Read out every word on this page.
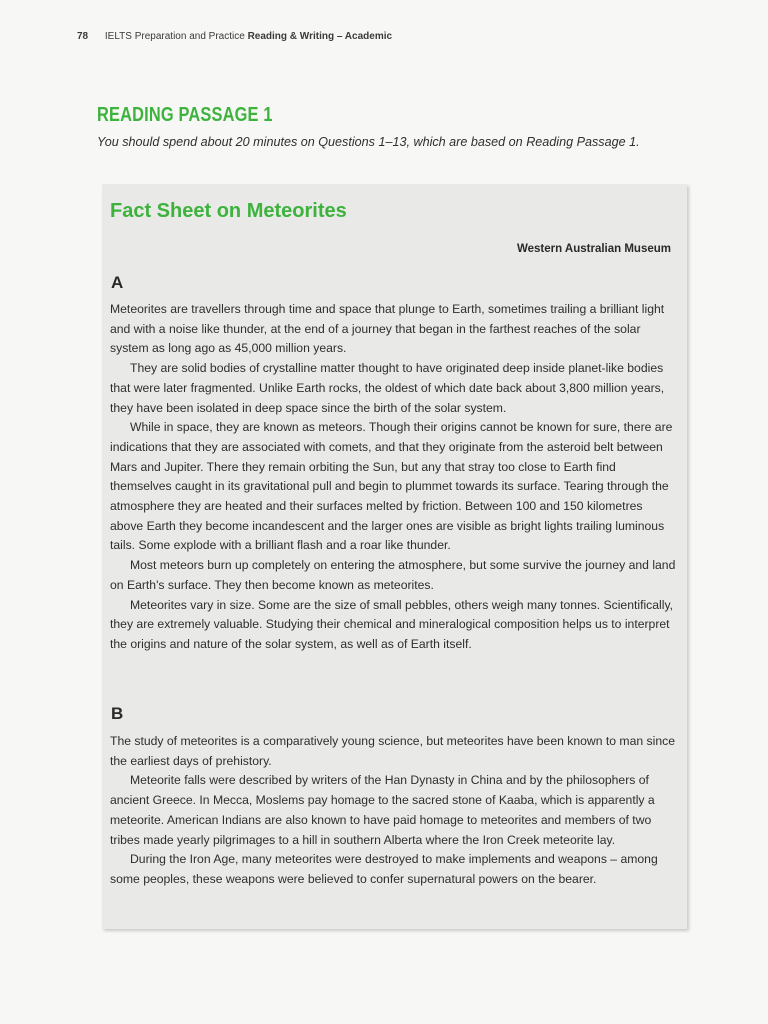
78 IELTS Preparation and Practice Reading & Writing – Academic
READING PASSAGE 1
You should spend about 20 minutes on Questions 1–13, which are based on Reading Passage 1.
Fact Sheet on Meteorites
Western Australian Museum
A

Meteorites are travellers through time and space that plunge to Earth, sometimes trailing a brilliant light and with a noise like thunder, at the end of a journey that began in the farthest reaches of the solar system as long ago as 45,000 million years.

They are solid bodies of crystalline matter thought to have originated deep inside planet-like bodies that were later fragmented. Unlike Earth rocks, the oldest of which date back about 3,800 million years, they have been isolated in deep space since the birth of the solar system.

While in space, they are known as meteors. Though their origins cannot be known for sure, there are indications that they are associated with comets, and that they originate from the asteroid belt between Mars and Jupiter. There they remain orbiting the Sun, but any that stray too close to Earth find themselves caught in its gravitational pull and begin to plummet towards its surface. Tearing through the atmosphere they are heated and their surfaces melted by friction. Between 100 and 150 kilometres above Earth they become incandescent and the larger ones are visible as bright lights trailing luminous tails. Some explode with a brilliant flash and a roar like thunder.

Most meteors burn up completely on entering the atmosphere, but some survive the journey and land on Earth's surface. They then become known as meteorites.

Meteorites vary in size. Some are the size of small pebbles, others weigh many tonnes. Scientifically, they are extremely valuable. Studying their chemical and mineralogical composition helps us to interpret the origins and nature of the solar system, as well as of Earth itself.

B

The study of meteorites is a comparatively young science, but meteorites have been known to man since the earliest days of prehistory.

Meteorite falls were described by writers of the Han Dynasty in China and by the philosophers of ancient Greece. In Mecca, Moslems pay homage to the sacred stone of Kaaba, which is apparently a meteorite. American Indians are also known to have paid homage to meteorites and members of two tribes made yearly pilgrimages to a hill in southern Alberta where the Iron Creek meteorite lay.

During the Iron Age, many meteorites were destroyed to make implements and weapons – among some peoples, these weapons were believed to confer supernatural powers on the bearer.
